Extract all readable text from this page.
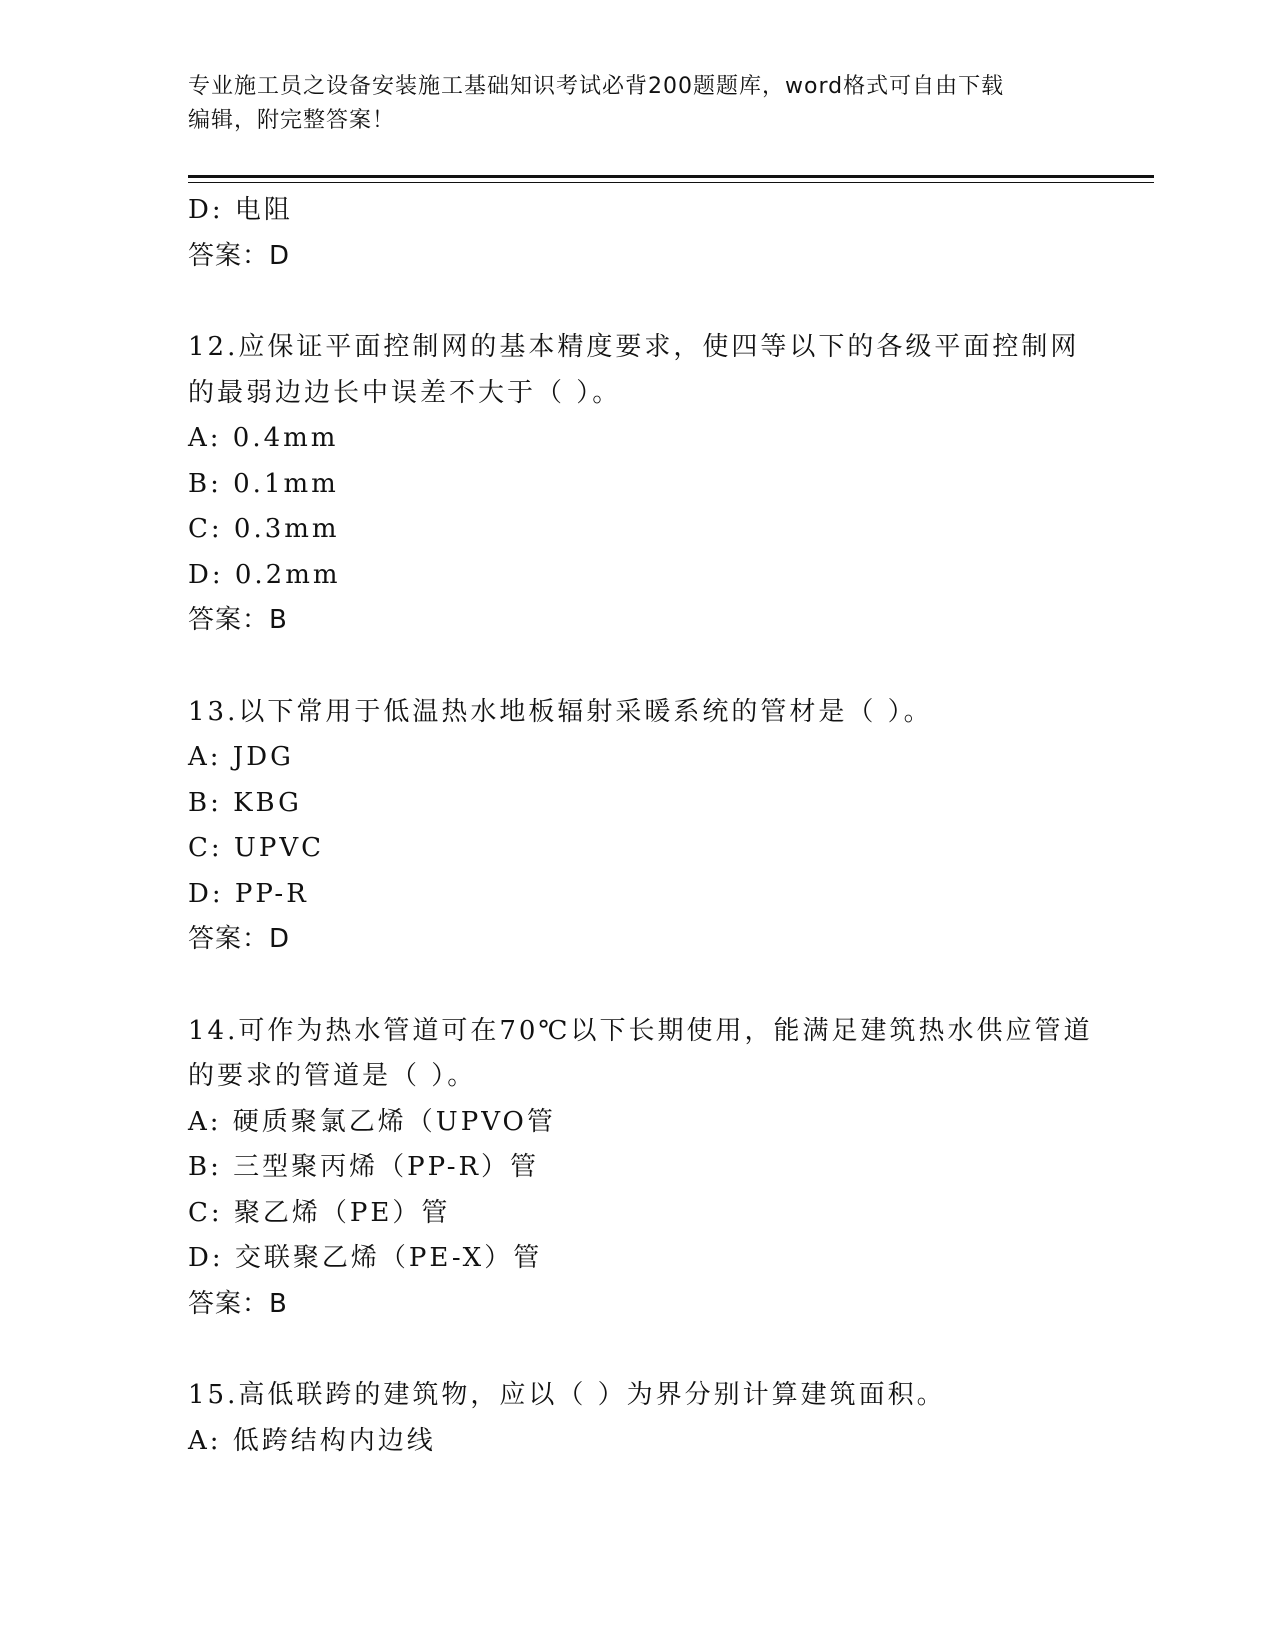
专业施工员之设备安装施工基础知识考试必背200题题库，word格式可自由下载
编辑，附完整答案！
D: 电阻
答案：D
12.应保证平面控制网的基本精度要求，使四等以下的各级平面控制网
的最弱边边长中误差不大于（ ）。
A: 0.4mm
B: 0.1mm
C: 0.3mm
D: 0.2mm
答案：B
13.以下常用于低温热水地板辐射采暖系统的管材是（ ）。
A: JDG
B: KBG
C: UPVC
D: PP-R
答案：D
14.可作为热水管道可在70℃以下长期使用，能满足建筑热水供应管道
的要求的管道是（ ）。
A: 硬质聚氯乙烯（UPVO管
B: 三型聚丙烯（PP-R）管
C: 聚乙烯（PE）管
D: 交联聚乙烯（PE-X）管
答案：B
15.高低联跨的建筑物，应以（ ）为界分别计算建筑面积。
A: 低跨结构内边线
